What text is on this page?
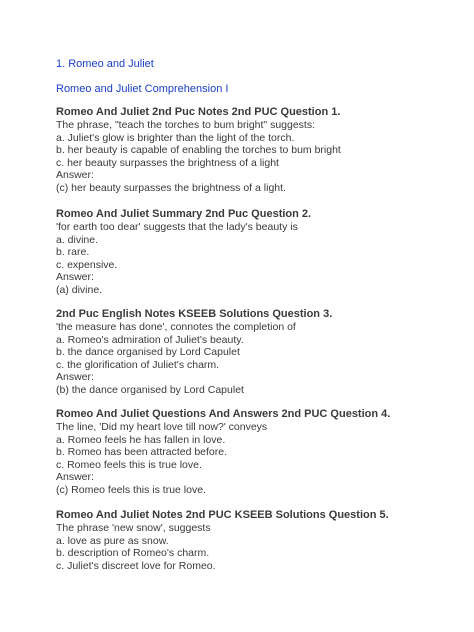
1. Romeo and Juliet
Romeo and Juliet Comprehension I

Romeo And Juliet 2nd Puc Notes 2nd PUC Question 1.

The phrase, "teach the torches to bum bright" suggests:

a. Juliet's glow is brighter than the light of the torch.

b. her beauty is capable of enabling the torches to bum bright

c. her beauty surpasses the brightness of a light

Answer:

(c) her beauty surpasses the brightness of a light.

Romeo And Juliet Summary 2nd Puc Question 2.

'for earth too dear' suggests that the lady's beauty is

a. divine.

b. rare.

c. expensive.

Answer:

(a) divine.

2nd Puc English Notes KSEEB Solutions Question 3.

'the measure has done', connotes the completion of

a. Romeo's admiration of Juliet's beauty.

b. the dance organised by Lord Capulet

c. the glorification of Juliet's charm.

Answer:

(b) the dance organised by Lord Capulet

Romeo And Juliet Questions And Answers 2nd PUC Question 4.

The line, 'Did my heart love till now?' conveys

a. Romeo feels he has fallen in love.

b. Romeo has been attracted before.

c. Romeo feels this is true love.

Answer:

(c) Romeo feels this is true love.

Romeo And Juliet Notes 2nd PUC KSEEB Solutions Question 5.

The phrase 'new snow', suggests

a. love as pure as snow.

b. description of Romeo's charm.

c. Juliet's discreet love for Romeo.
